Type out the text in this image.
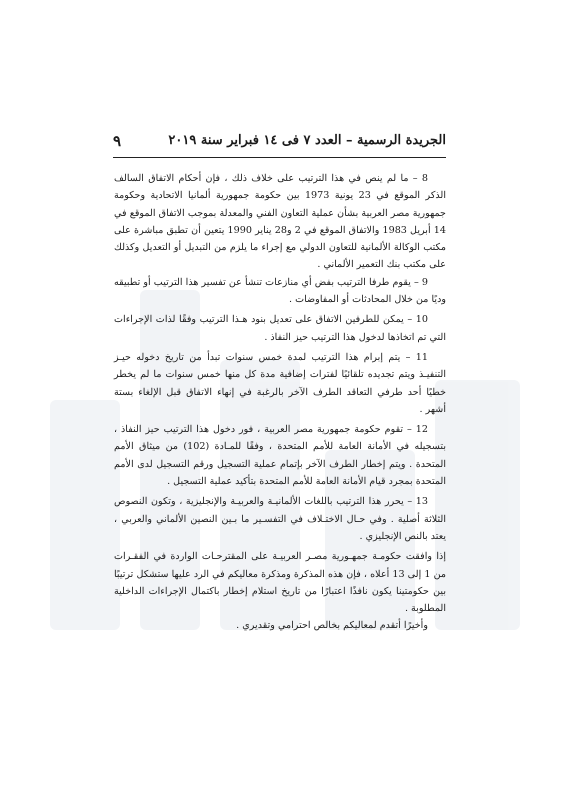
الجريدة الرسمية – العدد ٧ فى ١٤ فبراير سنة ٢٠١٩
٩

8 – ما لم ينص في هذا الترتيب على خلاف ذلك ، فإن أحكام الاتفاق السالف الذكر الموقع في 23 يونية 1973 بين حكومة جمهورية ألمانيا الاتحادية وحكومة جمهورية مصر العربية بشأن عملية التعاون الفني والمعدلة بموجب الاتفاق الموقع في 14 أبريل 1983 والاتفاق الموقع في 2 و28 يناير 1990 يتعين أن تطبق مباشرة على مكتب الوكالة الألمانية للتعاون الدولي مع إجراء ما يلزم من التبديل أو التعديل وكذلك على مكتب بنك التعمير الألماني .

9 – يقوم طرفا الترتيب بفض أي منازعات تنشأ عن تفسير هذا الترتيب أو تطبيقه وديًا من خلال المحادثات أو المفاوضات .

10 – يمكن للطرفين الاتفاق على تعديل بنود هـذا الترتيب وفقًا لذات الإجراءات التي تم اتخاذها لدخول هذا الترتيب حيز النفاذ .

11 – يتم إبرام هذا الترتيب لمدة خمس سنوات تبدأ من تاريخ دخوله حيـز التنفيـذ ويتم تجديده تلقائيًا لفترات إضافية مدة كل منها خمس سنوات ما لم يخطر خطيًا أحد طرفي التعاقد الطرف الآخر بالرغبة في إنهاء الاتفاق قبل الإلغاء بستة أشهر .

12 – تقوم حكومة جمهورية مصر العربية ، فور دخول هذا الترتيب حيز النفاذ ، بتسجيله في الأمانة العامة للأمم المتحدة ، وفقًا للمـادة (102) من ميثاق الأمم المتحدة . ويتم إخطار الطرف الآخر بإتمام عملية التسجيل ورقم التسجيل لدى الأمم المتحدة بمجرد قيام الأمانة العامة للأمم المتحدة بتأكيد عملية التسجيل .

13 – يحرر هذا الترتيب باللغات الألمانيـة والعربيـة والإنجليزية ، وتكون النصوص الثلاثة أصلية . وفي حـال الاختـلاف في التفسـير ما بـين النصين الألماني والعربي ، يعتد بالنص الإنجليزي .

إذا وافقت حكومـة جمهـورية مصـر العربيـة على المقترحـات الواردة في الفقـرات من 1 إلى 13 أعلاه ، فإن هذه المذكرة ومذكرة معاليكم في الرد عليها ستشكل ترتيبًا بين حكومتينا يكون نافذًا اعتبارًا من تاريخ استلام إخطار باكتمال الإجراءات الداخلية المطلوبة .

وأخيرًا أتقدم لمعاليكم بخالص احترامي وتقديري .
